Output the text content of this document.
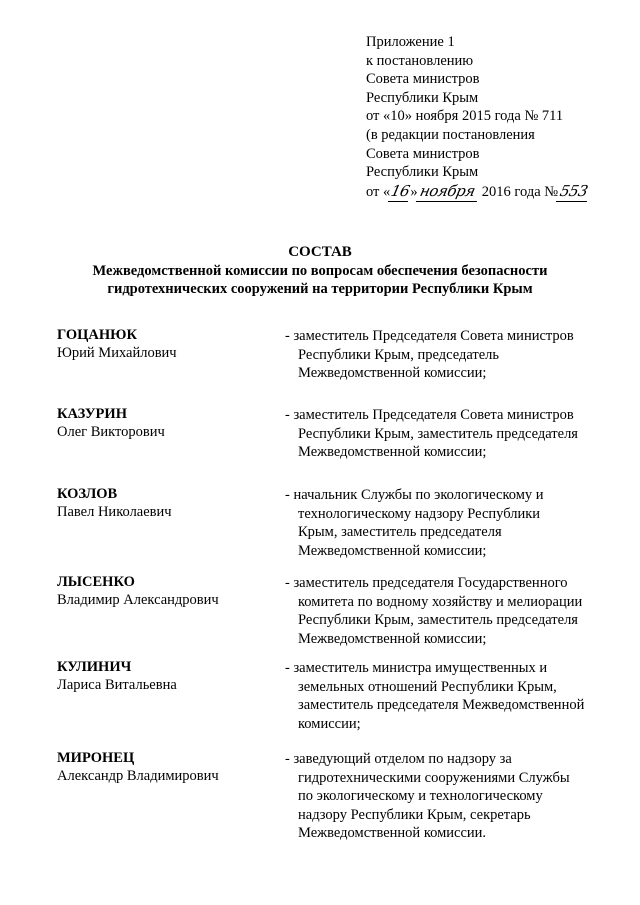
Приложение 1
к постановлению
Совета министров
Республики Крым
от «10» ноября 2015 года № 711
(в редакции постановления
Совета министров
Республики Крым
от «16»ноября 2016 года №553
СОСТАВ
Межведомственной комиссии по вопросам обеспечения безопасности
гидротехнических сооружений на территории Республики Крым
ГОЦАНЮК
Юрий Михайлович
- заместитель Председателя Совета министров
Республики Крым, председатель
Межведомственной комиссии;
КАЗУРИН
Олег Викторович
- заместитель Председателя Совета министров
Республики Крым, заместитель председателя
Межведомственной комиссии;
КОЗЛОВ
Павел Николаевич
- начальник Службы по экологическому и
технологическому надзору Республики
Крым, заместитель председателя
Межведомственной комиссии;
ЛЫСЕНКО
Владимир Александрович
- заместитель председателя Государственного
комитета по водному хозяйству и мелиорации
Республики Крым, заместитель председателя
Межведомственной комиссии;
КУЛИНИЧ
Лариса Витальевна
- заместитель министра имущественных и
земельных отношений Республики Крым,
заместитель председателя Межведомственной
комиссии;
МИРОНЕЦ
Александр Владимирович
- заведующий отделом по надзору за
гидротехническими сооружениями Службы
по экологическому и технологическому
надзору Республики Крым, секретарь
Межведомственной комиссии.
